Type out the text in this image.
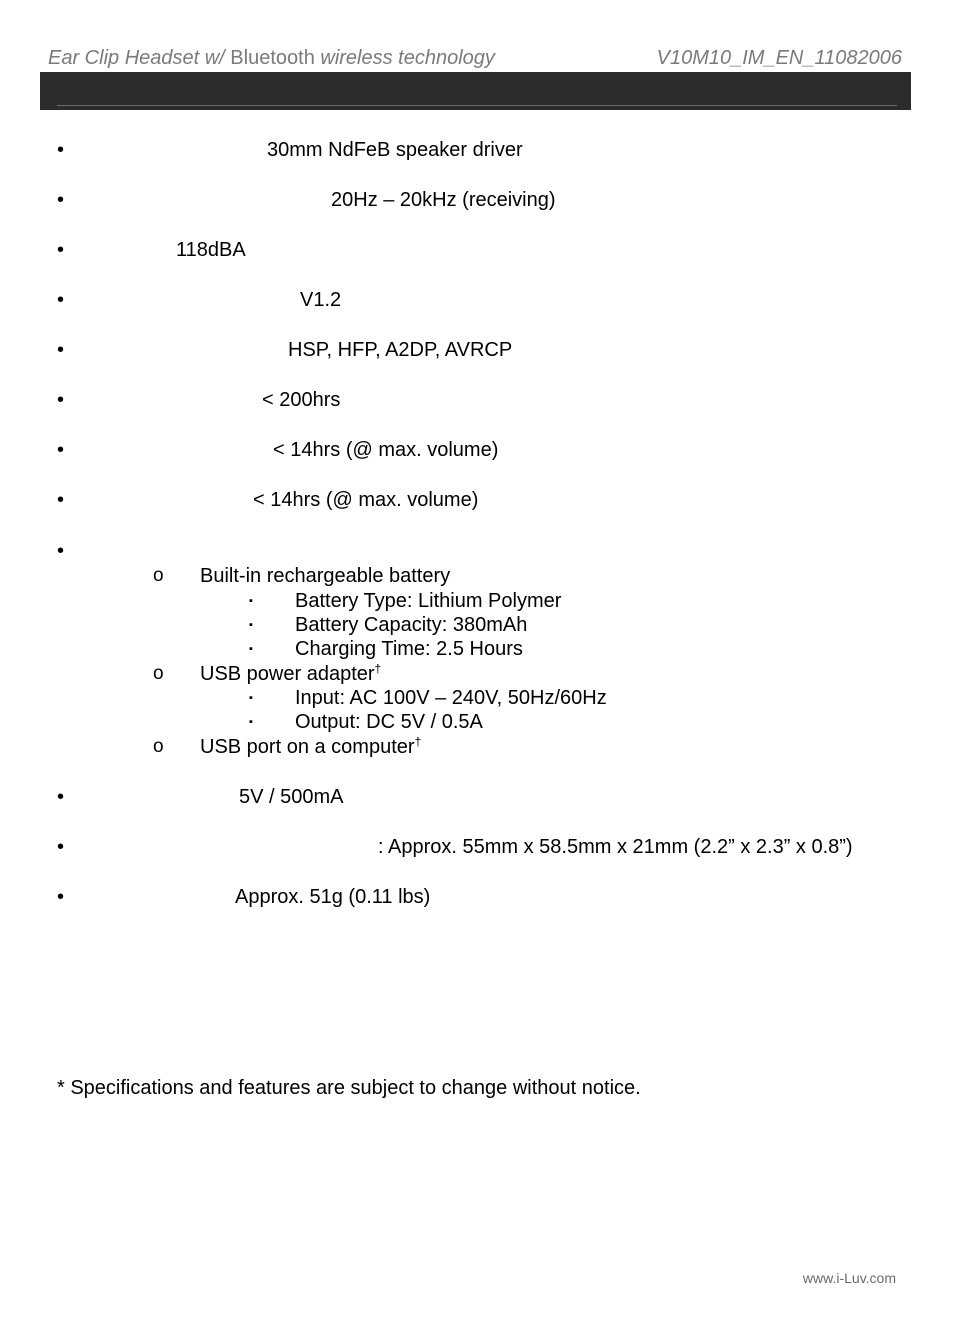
Ear Clip Headset w/ Bluetooth wireless technology	V10M10_IM_EN_11082006
•	30mm NdFeB speaker driver
•	20Hz – 20kHz (receiving)
•	118dBA
•	V1.2
•	HSP, HFP, A2DP, AVRCP
•	< 200hrs
•	< 14hrs (@ max. volume)
•	< 14hrs (@ max. volume)
•
o Built-in rechargeable battery
▪ Battery Type: Lithium Polymer
▪ Battery Capacity: 380mAh
▪ Charging Time: 2.5 Hours
o USB power adapter†
▪ Input: AC 100V – 240V, 50Hz/60Hz
▪ Output: DC 5V / 0.5A
o USB port on a computer†
•	5V / 500mA
•	: Approx. 55mm x 58.5mm x 21mm (2.2” x 2.3” x 0.8”)
•	Approx. 51g (0.11 lbs)
* Specifications and features are subject to change without notice.
www.i-Luv.com
